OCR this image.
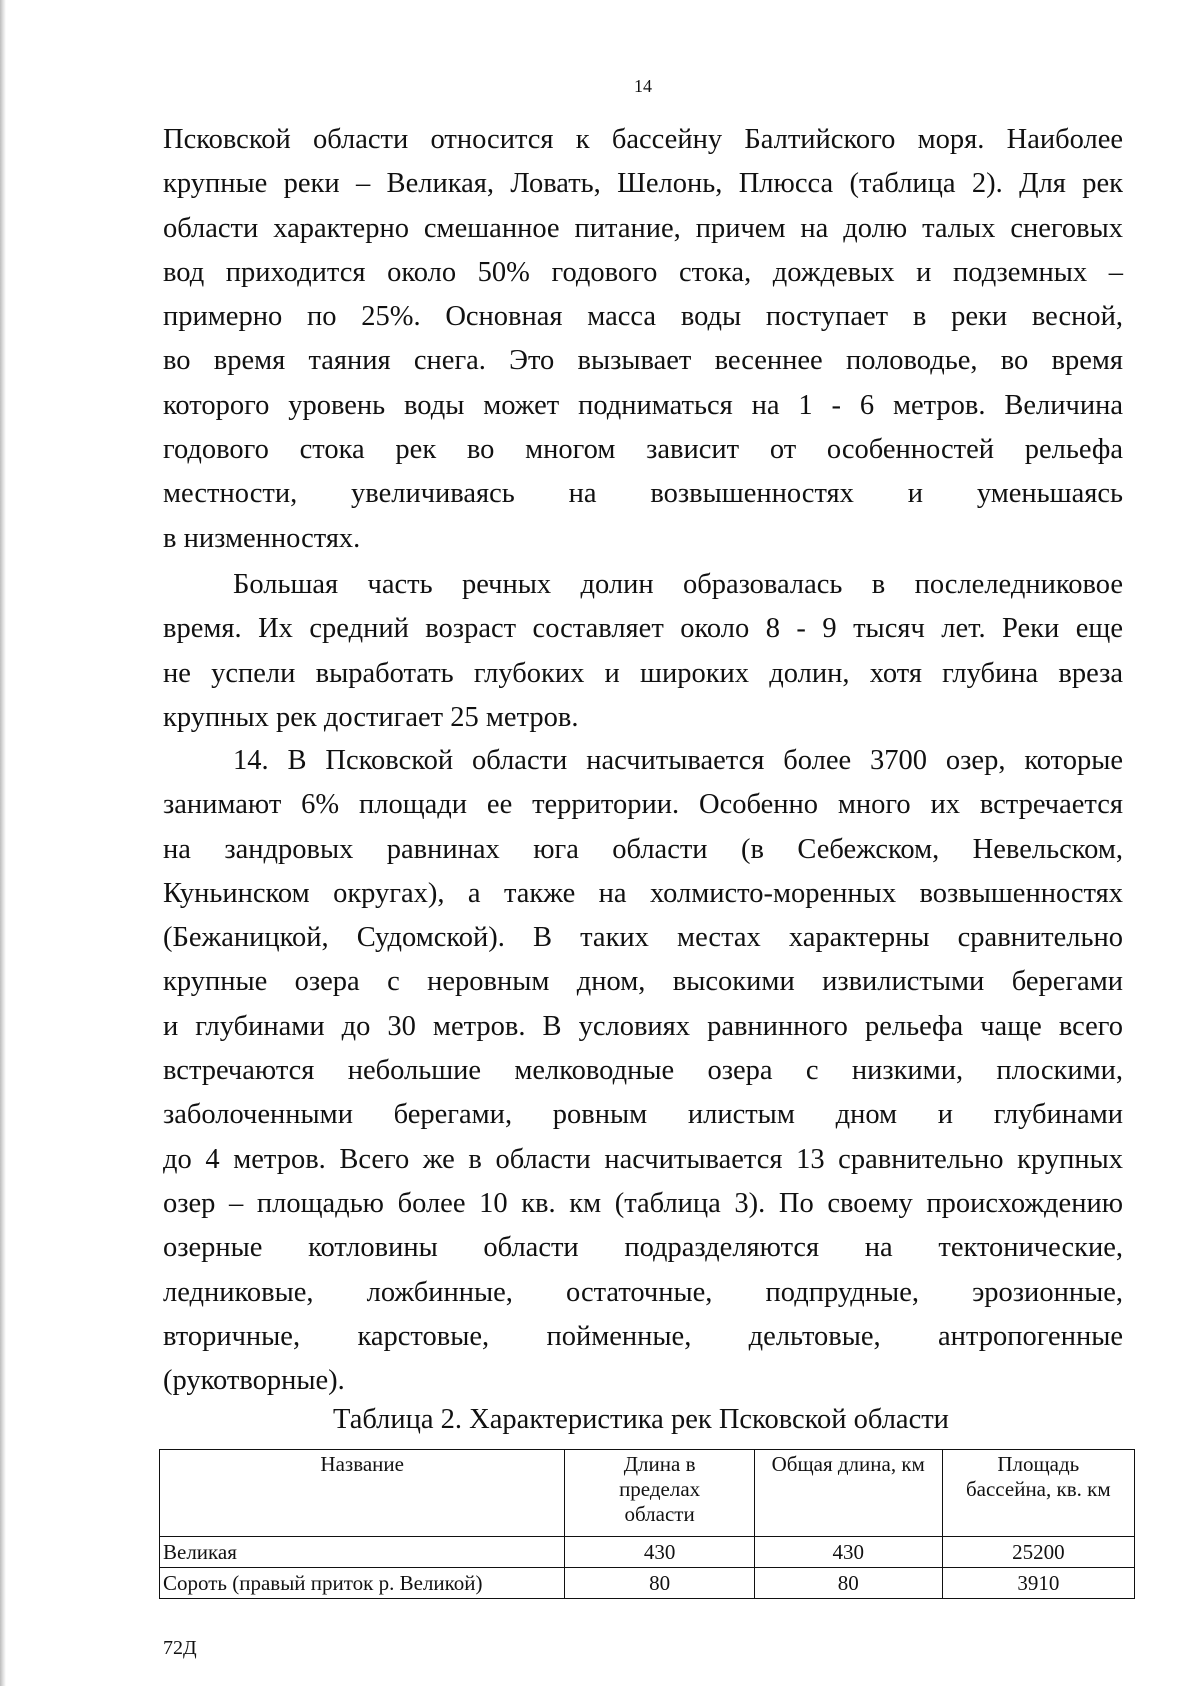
14
Псковской области относится к бассейну Балтийского моря. Наиболее
крупные реки – Великая, Ловать, Шелонь, Плюсса (таблица 2). Для рек
области характерно смешанное питание, причем на долю талых снеговых
вод приходится около 50% годового стока, дождевых и подземных –
примерно по 25%. Основная масса воды поступает в реки весной,
во время таяния снега. Это вызывает весеннее половодье, во время
которого уровень воды может подниматься на 1 - 6 метров. Величина
годового стока рек во многом зависит от особенностей рельефа
местности, увеличиваясь на возвышенностях и уменьшаясь
в низменностях.
Большая часть речных долин образовалась в послеледниковое
время. Их средний возраст составляет около 8 - 9 тысяч лет. Реки еще
не успели выработать глубоких и широких долин, хотя глубина вреза
крупных рек достигает 25 метров.
14. В Псковской области насчитывается более 3700 озер, которые
занимают 6% площади ее территории. Особенно много их встречается
на зандровых равнинах юга области (в Себежском, Невельском,
Куньинском округах), а также на холмисто-моренных возвышенностях
(Бежаницкой, Судомской). В таких местах характерны сравнительно
крупные озера с неровным дном, высокими извилистыми берегами
и глубинами до 30 метров. В условиях равнинного рельефа чаще всего
встречаются небольшие мелководные озера с низкими, плоскими,
заболоченными берегами, ровным илистым дном и глубинами
до 4 метров. Всего же в области насчитывается 13 сравнительно крупных
озер – площадью более 10 кв. км (таблица 3). По своему происхождению
озерные котловины области подразделяются на тектонические,
ледниковые, ложбинные, остаточные, подпрудные, эрозионные,
вторичные, карстовые, пойменные, дельтовые, антропогенные
(рукотворные).
Таблица 2. Характеристика рек Псковской области
Название	Длина в пределах области	Общая длина, км	Площадь бассейна, кв. км
Великая	430	430	25200
Сороть (правый приток р. Великой)	80	80	3910
72Д
